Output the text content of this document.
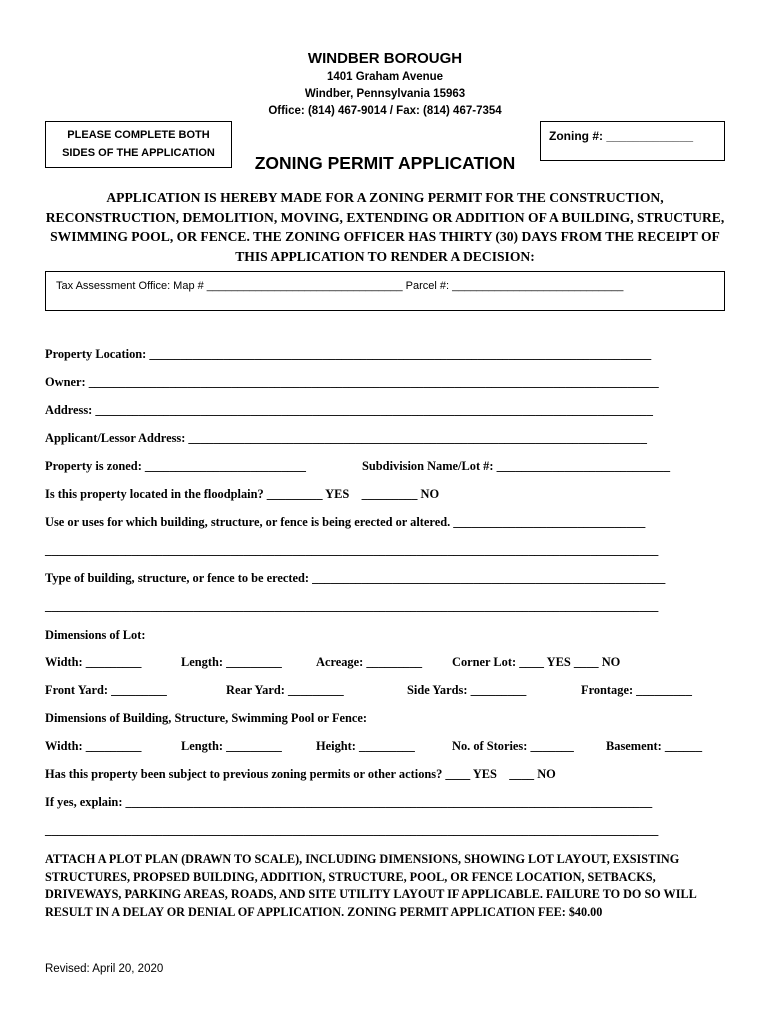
WINDBER BOROUGH
1401 Graham Avenue
Windber, Pennsylvania 15963
Office: (814) 467-9014 / Fax: (814) 467-7354
PLEASE COMPLETE BOTH
SIDES OF THE APPLICATION
Zoning #: _____________
ZONING PERMIT APPLICATION
APPLICATION IS HEREBY MADE FOR A ZONING PERMIT FOR THE CONSTRUCTION, RECONSTRUCTION, DEMOLITION, MOVING, EXTENDING OR ADDITION OF A BUILDING, STRUCTURE, SWIMMING POOL, OR FENCE. THE ZONING OFFICER HAS THIRTY (30) DAYS FROM THE RECEIPT OF THIS APPLICATION TO RENDER A DECISION:
Tax Assessment Office: Map # ________________________________ Parcel #: ____________________________
Property Location: _________________________________________________________________________________
Owner: ____________________________________________________________________________________________
Address: __________________________________________________________________________________________
Applicant/Lessor Address: __________________________________________________________________________
Property is zoned: __________________________	Subdivision Name/Lot #: ____________________________
Is this property located in the floodplain? _________ YES    _________ NO
Use or uses for which building, structure, or fence is being erected or altered. _______________________________
___________________________________________________________________________________________________
Type of building, structure, or fence to be erected: _________________________________________________________
___________________________________________________________________________________________________
Dimensions of Lot:
Width: _________	Length: _________	Acreage: _________ Corner Lot: ____ YES ____ NO
Front Yard: _________	Rear Yard: _________	Side Yards: _________	Frontage: _________
Dimensions of Building, Structure, Swimming Pool or Fence:
Width: _________	Length: _________	Height: _________	No. of Stories: _______	Basement: ______
Has this property been subject to previous zoning permits or other actions? ____ YES    ____ NO
If yes, explain: _____________________________________________________________________________________
___________________________________________________________________________________________________
ATTACH A PLOT PLAN (DRAWN TO SCALE), INCLUDING DIMENSIONS, SHOWING LOT LAYOUT, EXSISTING STRUCTURES, PROPSED BUILDING, ADDITION, STRUCTURE, POOL, OR FENCE LOCATION, SETBACKS, DRIVEWAYS, PARKING AREAS, ROADS, AND SITE UTILITY LAYOUT IF APPLICABLE. FAILURE TO DO SO WILL RESULT IN A DELAY OR DENIAL OF APPLICATION. ZONING PERMIT APPLICATION FEE: $40.00
Revised: April 20, 2020
